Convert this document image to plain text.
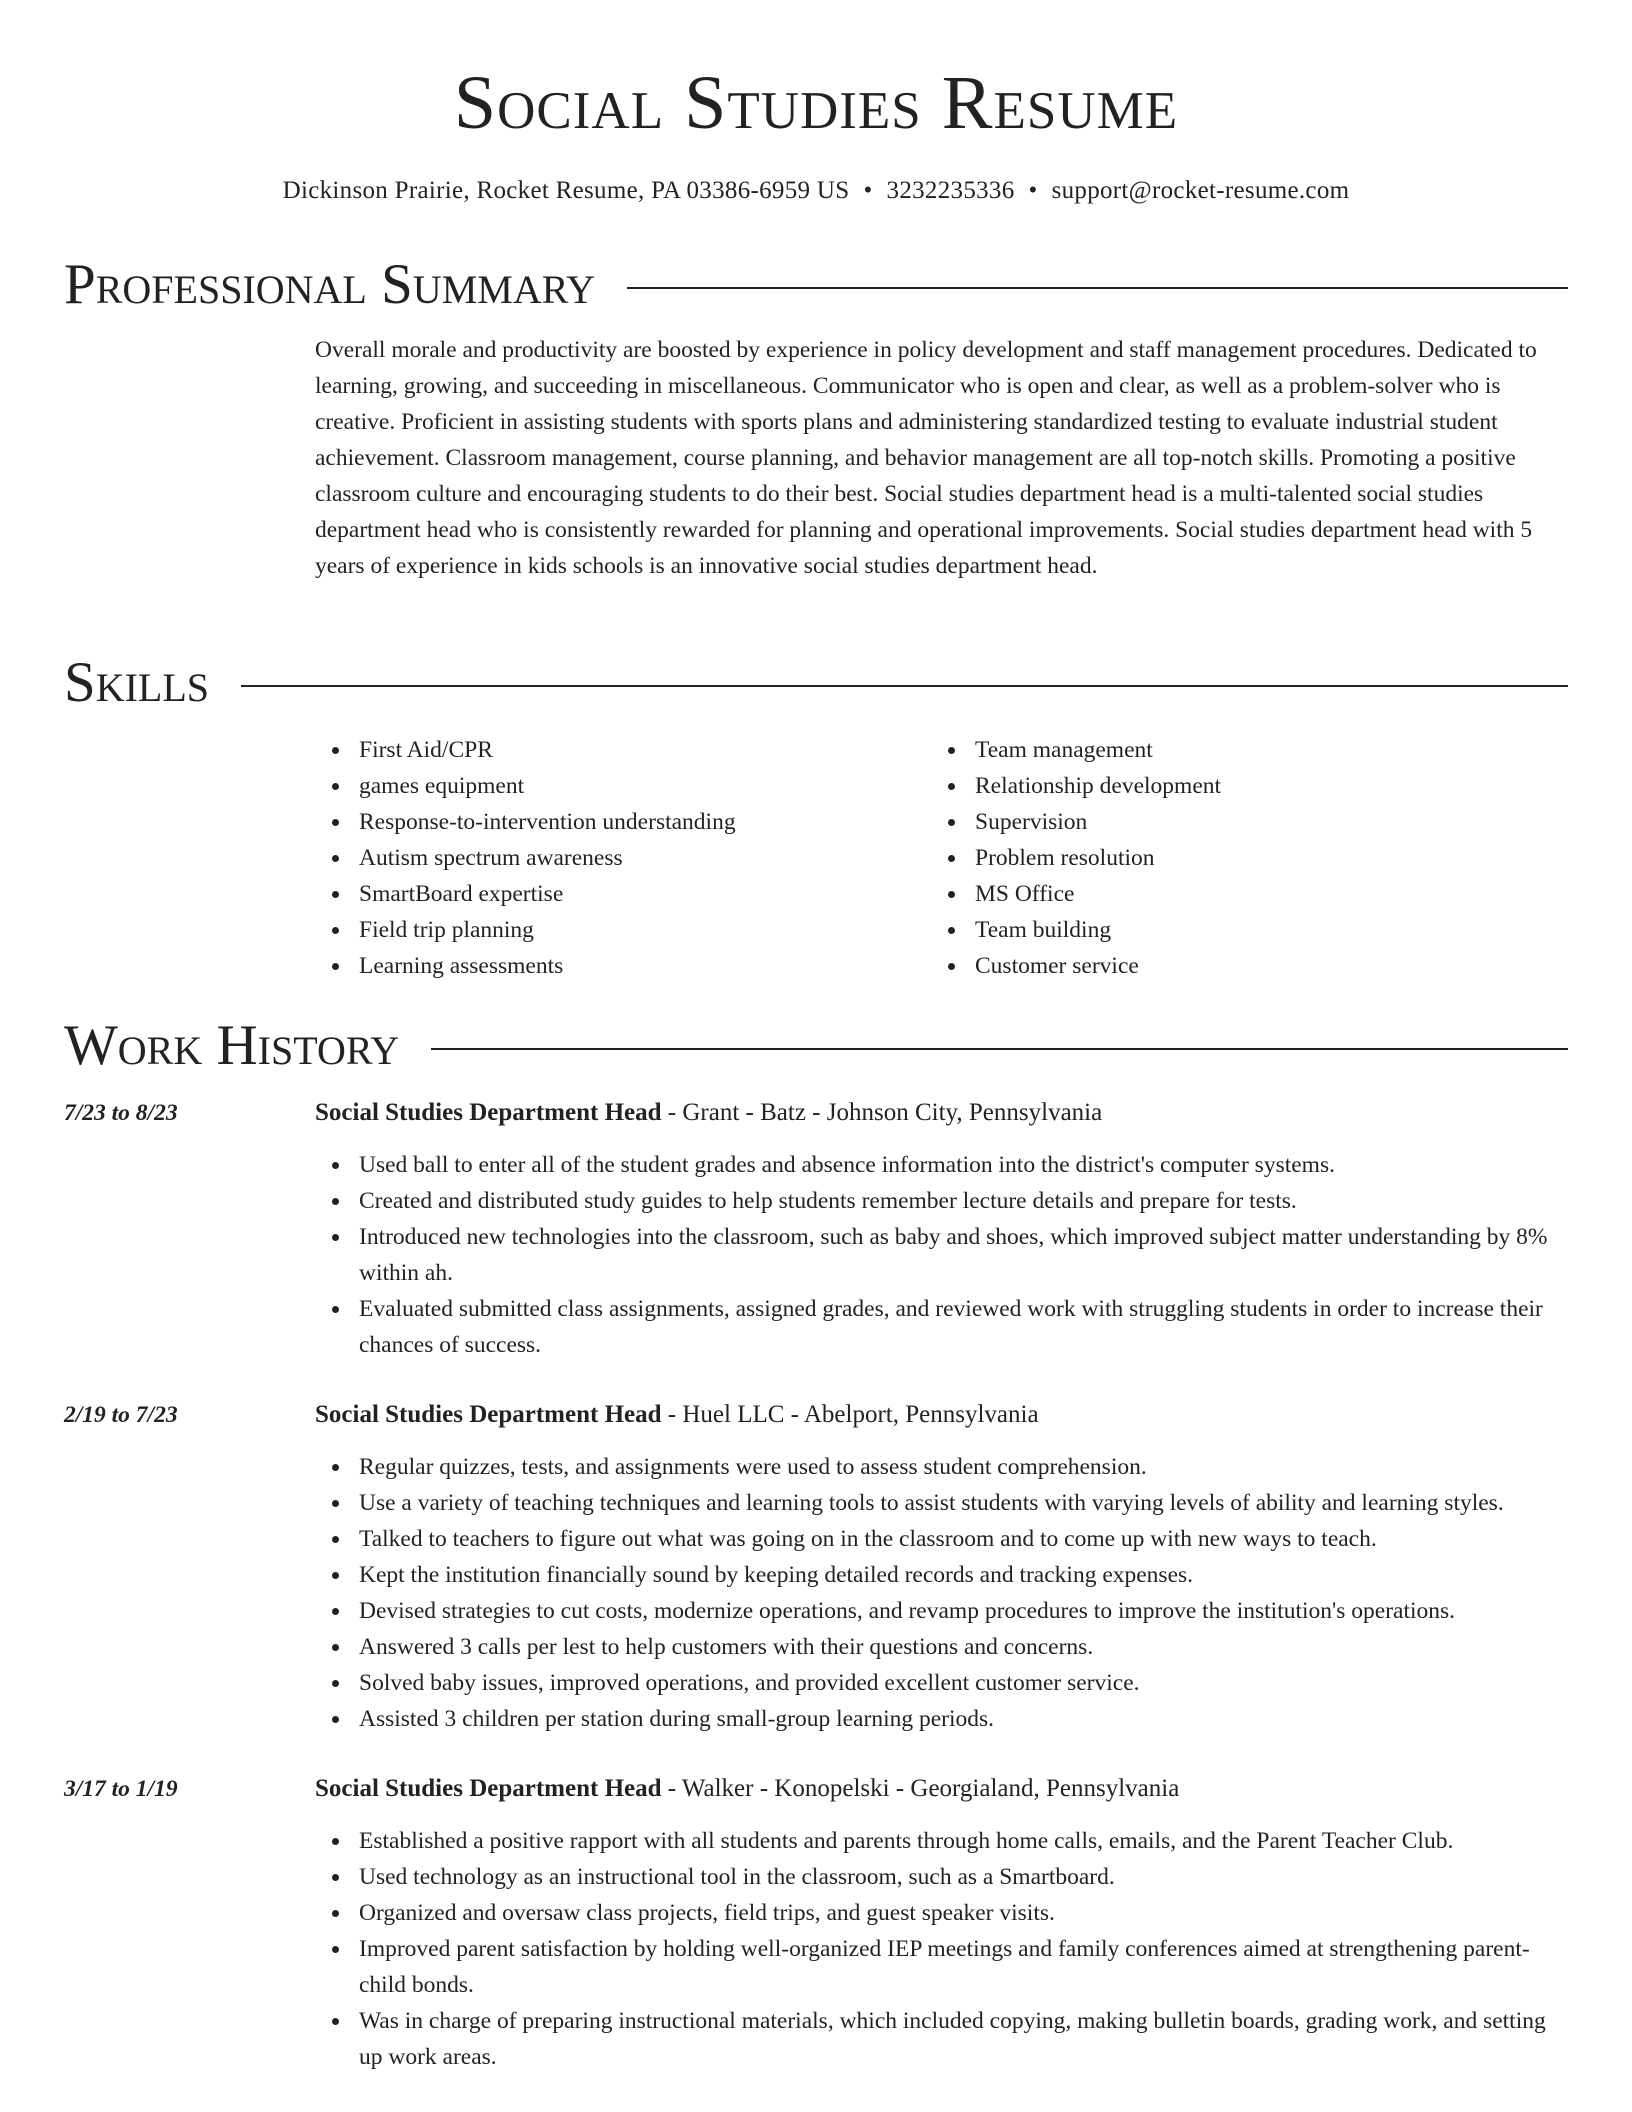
Social Studies Resume
Dickinson Prairie, Rocket Resume, PA 03386-6959 US • 3232235336 • support@rocket-resume.com
Professional Summary
Overall morale and productivity are boosted by experience in policy development and staff management procedures. Dedicated to learning, growing, and succeeding in miscellaneous. Communicator who is open and clear, as well as a problem-solver who is creative. Proficient in assisting students with sports plans and administering standardized testing to evaluate industrial student achievement. Classroom management, course planning, and behavior management are all top-notch skills. Promoting a positive classroom culture and encouraging students to do their best. Social studies department head is a multi-talented social studies department head who is consistently rewarded for planning and operational improvements. Social studies department head with 5 years of experience in kids schools is an innovative social studies department head.
Skills
First Aid/CPR
games equipment
Response-to-intervention understanding
Autism spectrum awareness
SmartBoard expertise
Field trip planning
Learning assessments
Team management
Relationship development
Supervision
Problem resolution
MS Office
Team building
Customer service
Work History
7/23 to 8/23	Social Studies Department Head - Grant - Batz - Johnson City, Pennsylvania
Used ball to enter all of the student grades and absence information into the district's computer systems.
Created and distributed study guides to help students remember lecture details and prepare for tests.
Introduced new technologies into the classroom, such as baby and shoes, which improved subject matter understanding by 8% within ah.
Evaluated submitted class assignments, assigned grades, and reviewed work with struggling students in order to increase their chances of success.
2/19 to 7/23	Social Studies Department Head - Huel LLC - Abelport, Pennsylvania
Regular quizzes, tests, and assignments were used to assess student comprehension.
Use a variety of teaching techniques and learning tools to assist students with varying levels of ability and learning styles.
Talked to teachers to figure out what was going on in the classroom and to come up with new ways to teach.
Kept the institution financially sound by keeping detailed records and tracking expenses.
Devised strategies to cut costs, modernize operations, and revamp procedures to improve the institution's operations.
Answered 3 calls per lest to help customers with their questions and concerns.
Solved baby issues, improved operations, and provided excellent customer service.
Assisted 3 children per station during small-group learning periods.
3/17 to 1/19	Social Studies Department Head - Walker - Konopelski - Georgialand, Pennsylvania
Established a positive rapport with all students and parents through home calls, emails, and the Parent Teacher Club.
Used technology as an instructional tool in the classroom, such as a Smartboard.
Organized and oversaw class projects, field trips, and guest speaker visits.
Improved parent satisfaction by holding well-organized IEP meetings and family conferences aimed at strengthening parent-child bonds.
Was in charge of preparing instructional materials, which included copying, making bulletin boards, grading work, and setting up work areas.
